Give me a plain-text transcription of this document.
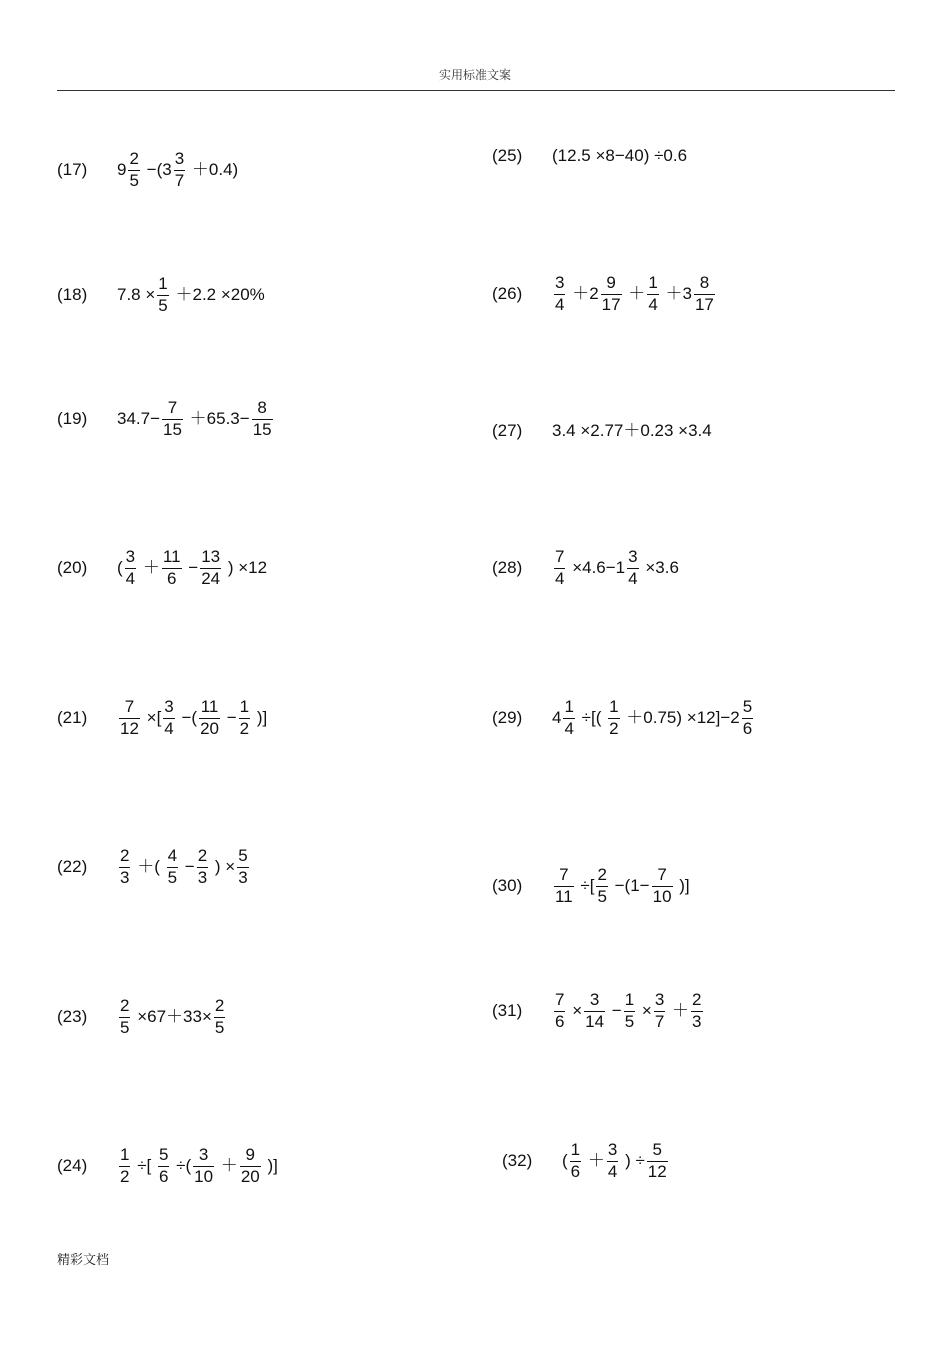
实用标准文案
(17)	9
2
5
−(3
3
7
＋0.4)
(18)	7.8 ×
1
5
＋2.2 ×20%
(19)	34.7−
7
15
＋65.3−
8
15
(20)	(
3
4
＋
11
6
−
13
24
) ×12
(21)
7
12
×[
3
4
−(
11
20
−
1
2
)]
(22)
2
3
＋(
4
5
−
2
3
) ×
5
3
(23)
2
5
×67＋33×
2
5
(24)
1
2
÷[
5
6
÷(
3
10
＋
9
20
)]
(25)	(12.5 ×8−40) ÷0.6
(26)
3
4
＋2
9
17
＋
1
4
＋3
8
17
(27)	3.4 ×2.77＋0.23 ×3.4
(28)
7
4
×4.6−1
3
4
×3.6
(29)	4
1
4
÷[(
1
2
＋0.75) ×12]−2
5
6
(30)
7
11
÷[
2
5
−(1−
7
10
)]
(31)
7
6
×
3
14
−
1
5
×
3
7
＋
2
3
(32)	(
1
6
＋
3
4
) ÷
5
12
精彩文档
